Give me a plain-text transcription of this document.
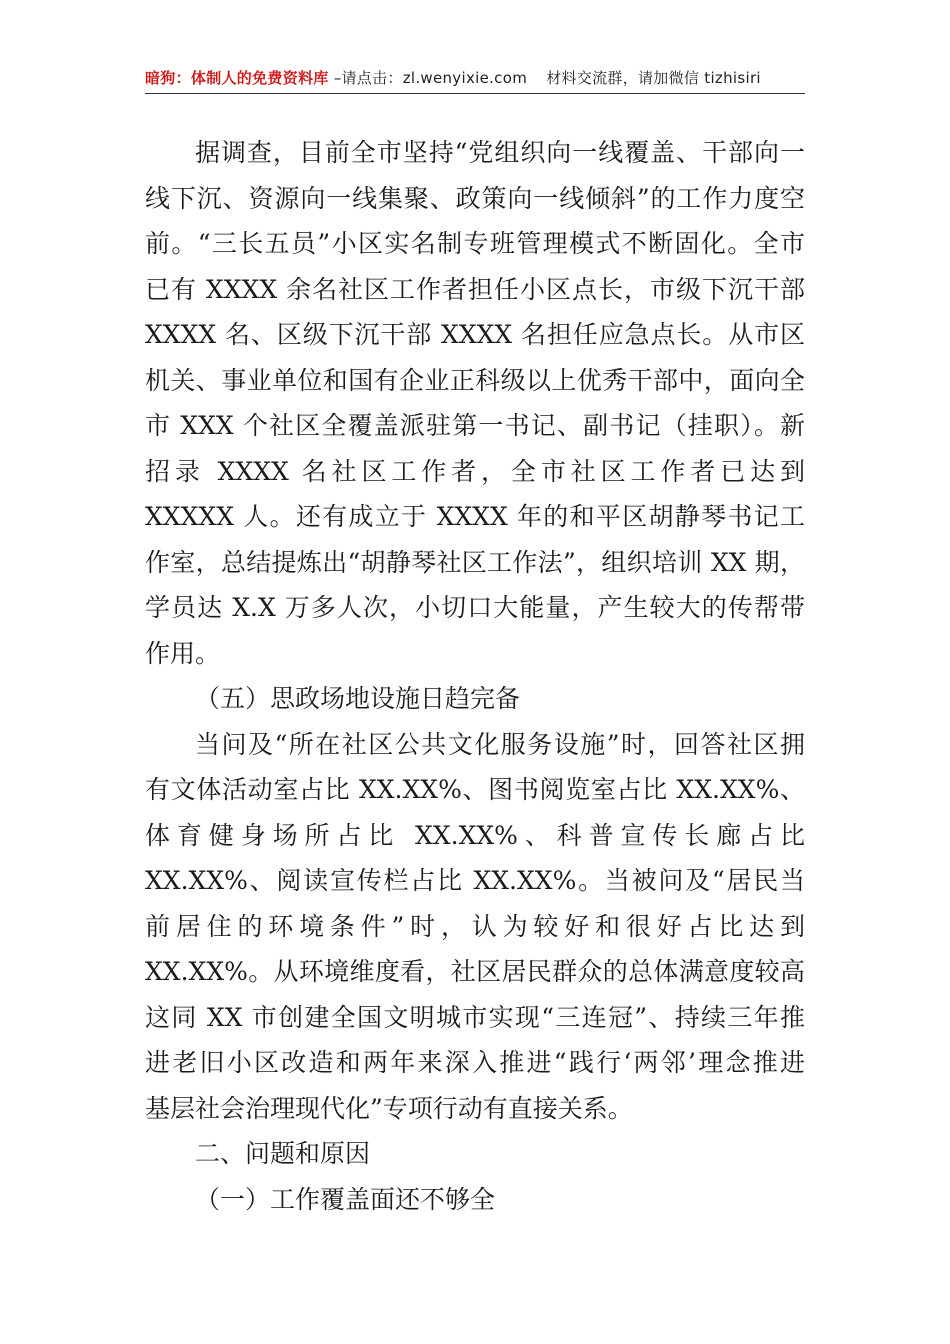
暗狗：体制人的免费资料库 –请点击：zl.wenyixie.com 材料交流群，请加微信 tizhisiri
据调查，目前全市坚持“党组织向一线覆盖、干部向一
线下沉、资源向一线集聚、政策向一线倾斜”的工作力度空
前。“三长五员”小区实名制专班管理模式不断固化。全市
已有 XXXX 余名社区工作者担任小区点长，市级下沉干部
XXXX 名、区级下沉干部 XXXX 名担任应急点长。从市区
机关、事业单位和国有企业正科级以上优秀干部中，面向全
市 XXX 个社区全覆盖派驻第一书记、副书记（挂职）。新
招录 XXXX 名社区工作者，全市社区工作者已达到
XXXXX 人。还有成立于 XXXX 年的和平区胡静琴书记工
作室，总结提炼出“胡静琴社区工作法”，组织培训 XX 期，
学员达 X.X 万多人次，小切口大能量，产生较大的传帮带
作用。
（五）思政场地设施日趋完备
当问及“所在社区公共文化服务设施”时，回答社区拥
有文体活动室占比 XX.XX%、图书阅览室占比 XX.XX%、
体育健身场所占比 XX.XX%、科普宣传长廊占比
XX.XX%、阅读宣传栏占比 XX.XX%。当被问及“居民当
前居住的环境条件”时，认为较好和很好占比达到
XX.XX%。从环境维度看，社区居民群众的总体满意度较高
这同 XX 市创建全国文明城市实现“三连冠”、持续三年推
进老旧小区改造和两年来深入推进“践行‘两邻’理念推进
基层社会治理现代化”专项行动有直接关系。
二、问题和原因
（一）工作覆盖面还不够全
